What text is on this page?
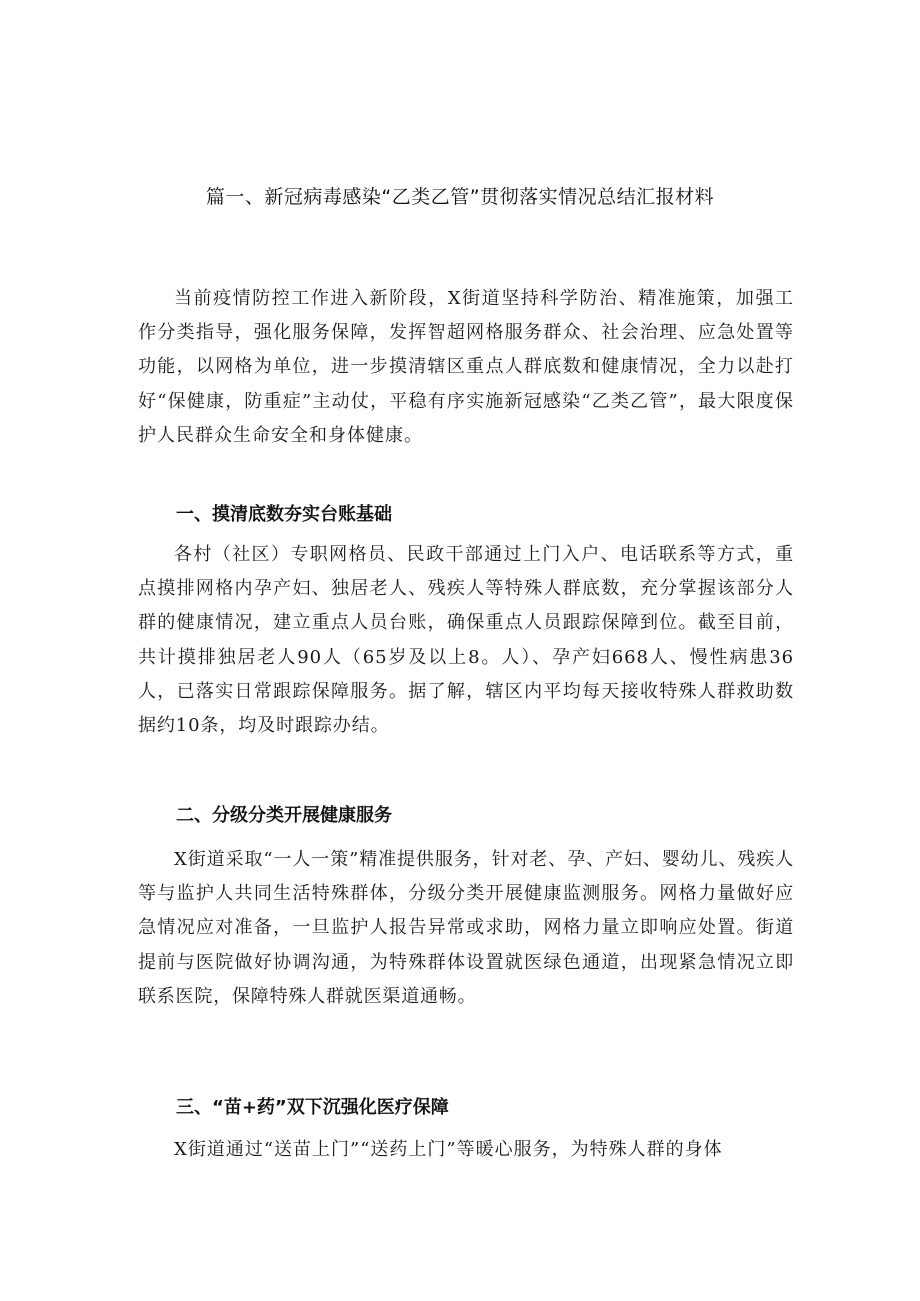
篇一、新冠病毒感染“乙类乙管”贯彻落实情况总结汇报材料

当前疫情防控工作进入新阶段，X街道坚持科学防治、精准施策，加强工作分类指导，强化服务保障，发挥智超网格服务群众、社会治理、应急处置等功能，以网格为单位，进一步摸清辖区重点人群底数和健康情况，全力以赴打好“保健康，防重症”主动仗，平稳有序实施新冠感染“乙类乙管”，最大限度保护人民群众生命安全和身体健康。

一、摸清底数夯实台账基础

各村（社区）专职网格员、民政干部通过上门入户、电话联系等方式，重点摸排网格内孕产妇、独居老人、残疾人等特殊人群底数，充分掌握该部分人群的健康情况，建立重点人员台账，确保重点人员跟踪保障到位。截至目前，共计摸排独居老人90人（65岁及以上8。人）、孕产妇668人、慢性病患36人，已落实日常跟踪保障服务。据了解，辖区内平均每天接收特殊人群救助数据约10条，均及时跟踪办结。

二、分级分类开展健康服务

X街道采取“一人一策”精准提供服务，针对老、孕、产妇、婴幼儿、残疾人等与监护人共同生活特殊群体，分级分类开展健康监测服务。网格力量做好应急情况应对准备，一旦监护人报告异常或求助，网格力量立即响应处置。街道提前与医院做好协调沟通，为特殊群体设置就医绿色通道，出现紧急情况立即联系医院，保障特殊人群就医渠道通畅。

三、“苗+药”双下沉强化医疗保障

X街道通过“送苗上门”“送药上门”等暖心服务，为特殊人群的身体
